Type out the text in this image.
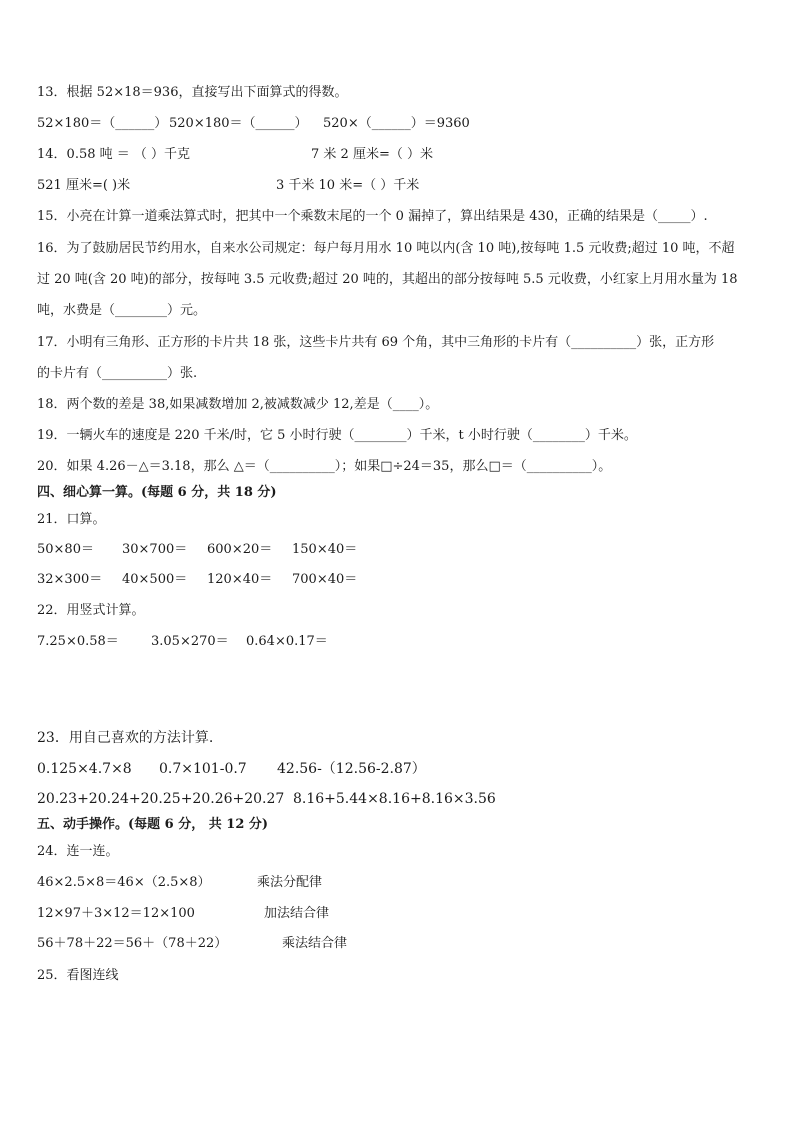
13．根据 52×18＝936，直接写出下面算式的得数。
52×180＝（______） 520×180＝（______） 520×（______）＝9360
14．0.58 吨 ＝ （ ）千克	7 米 2 厘米=（ ）米
521 厘米=( )米	3 千米 10 米=（ ）千米
15．小亮在计算一道乘法算式时，把其中一个乘数末尾的一个 0 漏掉了，算出结果是 430，正确的结果是（_____）.
16．为了鼓励居民节约用水，自来水公司规定：每户每月用水 10 吨以内(含 10 吨),按每吨 1.5 元收费;超过 10 吨，不超
过 20 吨(含 20 吨)的部分，按每吨 3.5 元收费;超过 20 吨的，其超出的部分按每吨 5.5 元收费，小红家上月用水量为 18
吨，水费是（________）元。
17．小明有三角形、正方形的卡片共 18 张，这些卡片共有 69 个角，其中三角形的卡片有（__________）张，正方形
的卡片有（__________）张.
18．两个数的差是 38,如果减数增加 2,被减数减少 12,差是（____）。
19．一辆火车的速度是 220 千米/时，它 5 小时行驶（________）千米，t 小时行驶（________）千米。
20．如果 4.26－△＝3.18，那么 △＝（__________）；如果□÷24＝35，那么□＝（__________）。
四、细心算一算。(每题 6 分，共 18 分)
21．口算。
50×80＝ 30×700＝ 600×20＝ 150×40＝
32×300＝ 40×500＝ 120×40＝ 700×40＝
22．用竖式计算。
7.25×0.58＝ 3.05×270＝ 0.64×0.17＝
23．用自己喜欢的方法计算.
0.125×4.7×8 0.7×101-0.7 42.56-（12.56-2.87）
20.23+20.24+20.25+20.26+20.27 8.16+5.44×8.16+8.16×3.56
五、动手操作。(每题 6 分， 共 12 分)
24．连一连。
46×2.5×8＝46×（2.5×8）	乘法分配律
12×97＋3×12＝12×100	加法结合律
56＋78＋22＝56＋（78＋22）	乘法结合律
25．看图连线
